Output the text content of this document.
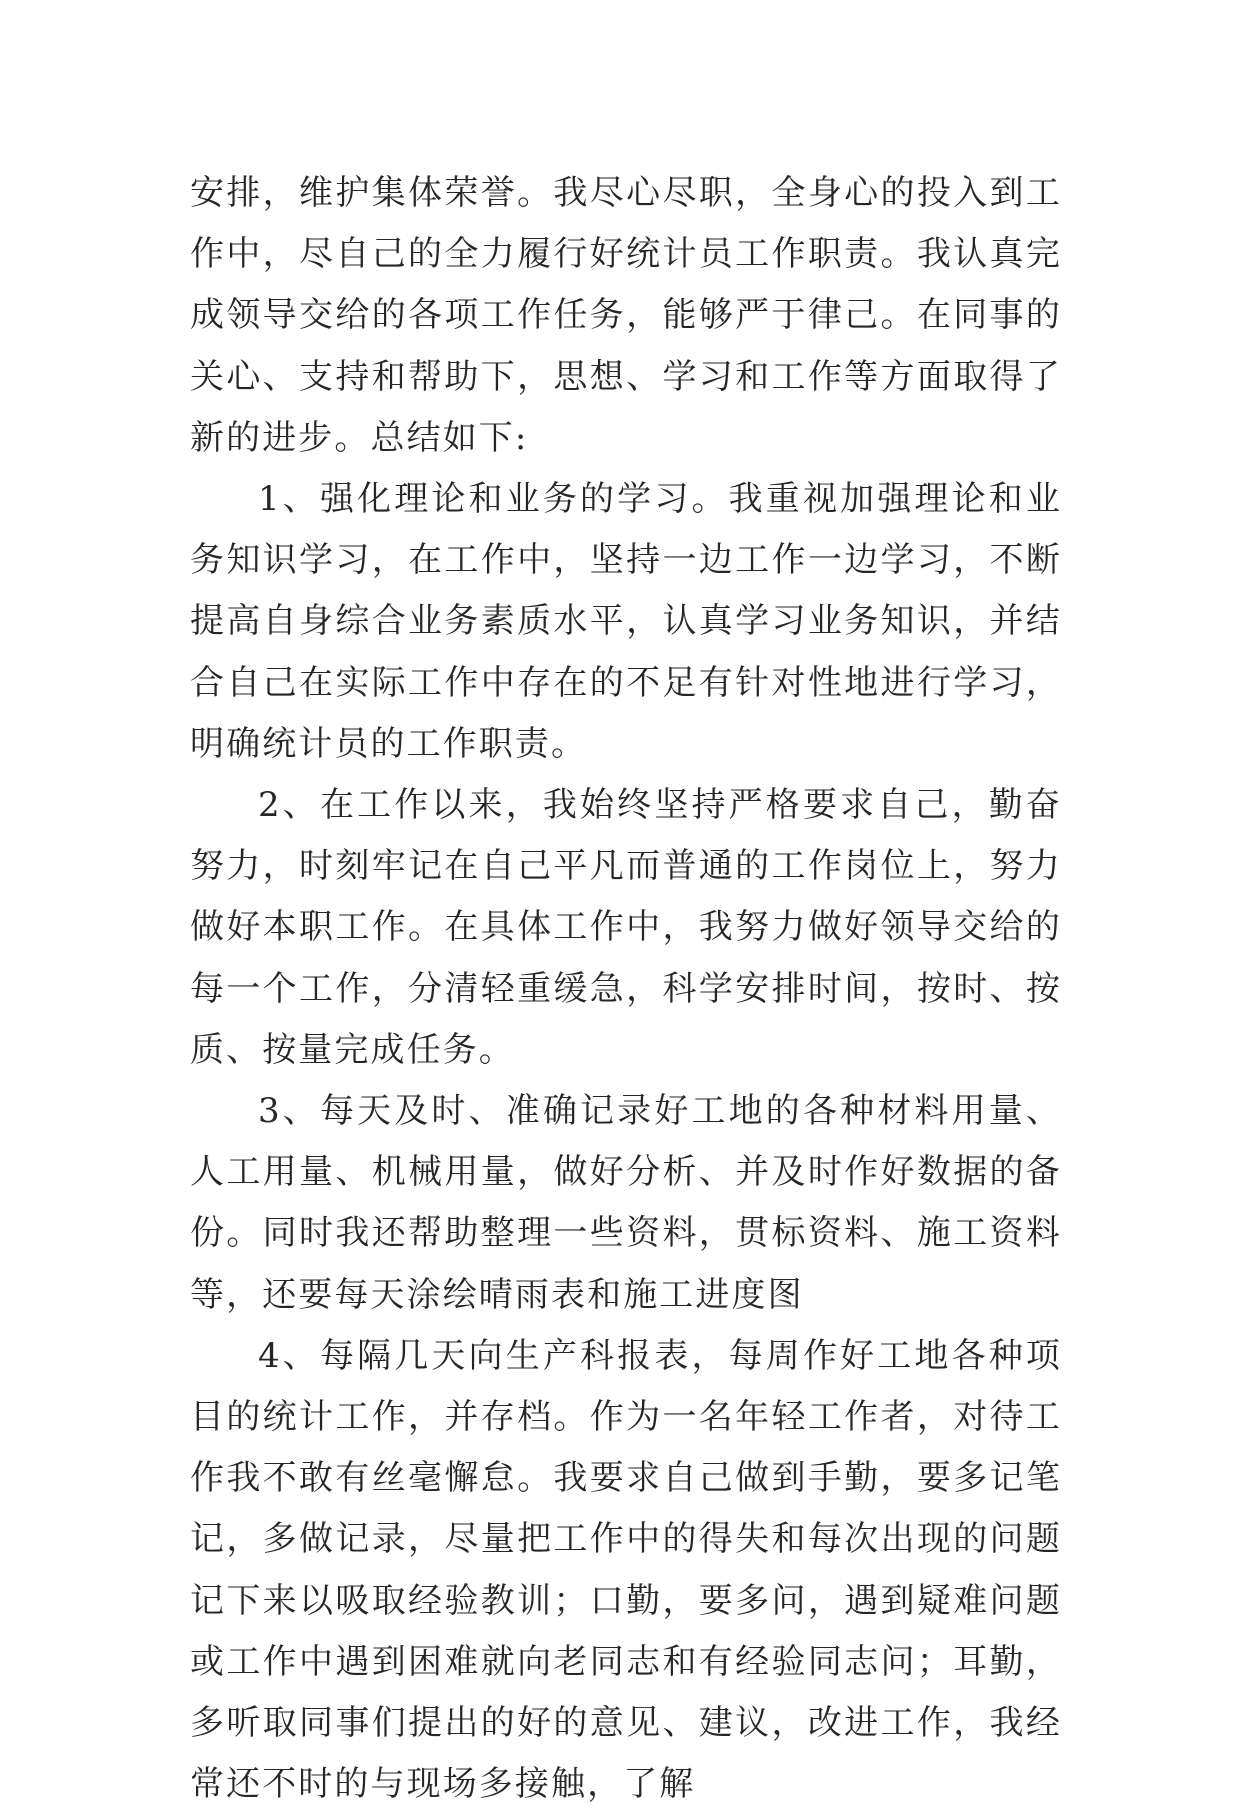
安排，维护集体荣誉。我尽心尽职，全身心的投入到工作中，尽自己的全力履行好统计员工作职责。我认真完成领导交给的各项工作任务，能够严于律己。在同事的关心、支持和帮助下，思想、学习和工作等方面取得了新的进步。总结如下:

1、强化理论和业务的学习。我重视加强理论和业务知识学习，在工作中，坚持一边工作一边学习，不断提高自身综合业务素质水平，认真学习业务知识，并结合自己在实际工作中存在的不足有针对性地进行学习，明确统计员的工作职责。

2、在工作以来，我始终坚持严格要求自己，勤奋努力，时刻牢记在自己平凡而普通的工作岗位上，努力做好本职工作。在具体工作中，我努力做好领导交给的每一个工作，分清轻重缓急，科学安排时间，按时、按质、按量完成任务。

3、每天及时、准确记录好工地的各种材料用量、人工用量、机械用量，做好分析、并及时作好数据的备份。同时我还帮助整理一些资料，贯标资料、施工资料等，还要每天涂绘晴雨表和施工进度图

4、每隔几天向生产科报表，每周作好工地各种项目的统计工作，并存档。作为一名年轻工作者，对待工作我不敢有丝毫懈怠。我要求自己做到手勤，要多记笔记，多做记录，尽量把工作中的得失和每次出现的问题记下来以吸取经验教训；口勤，要多问，遇到疑难问题或工作中遇到困难就向老同志和有经验同志问；耳勤，多听取同事们提出的好的意见、建议，改进工作，我经常还不时的与现场多接触，了解
